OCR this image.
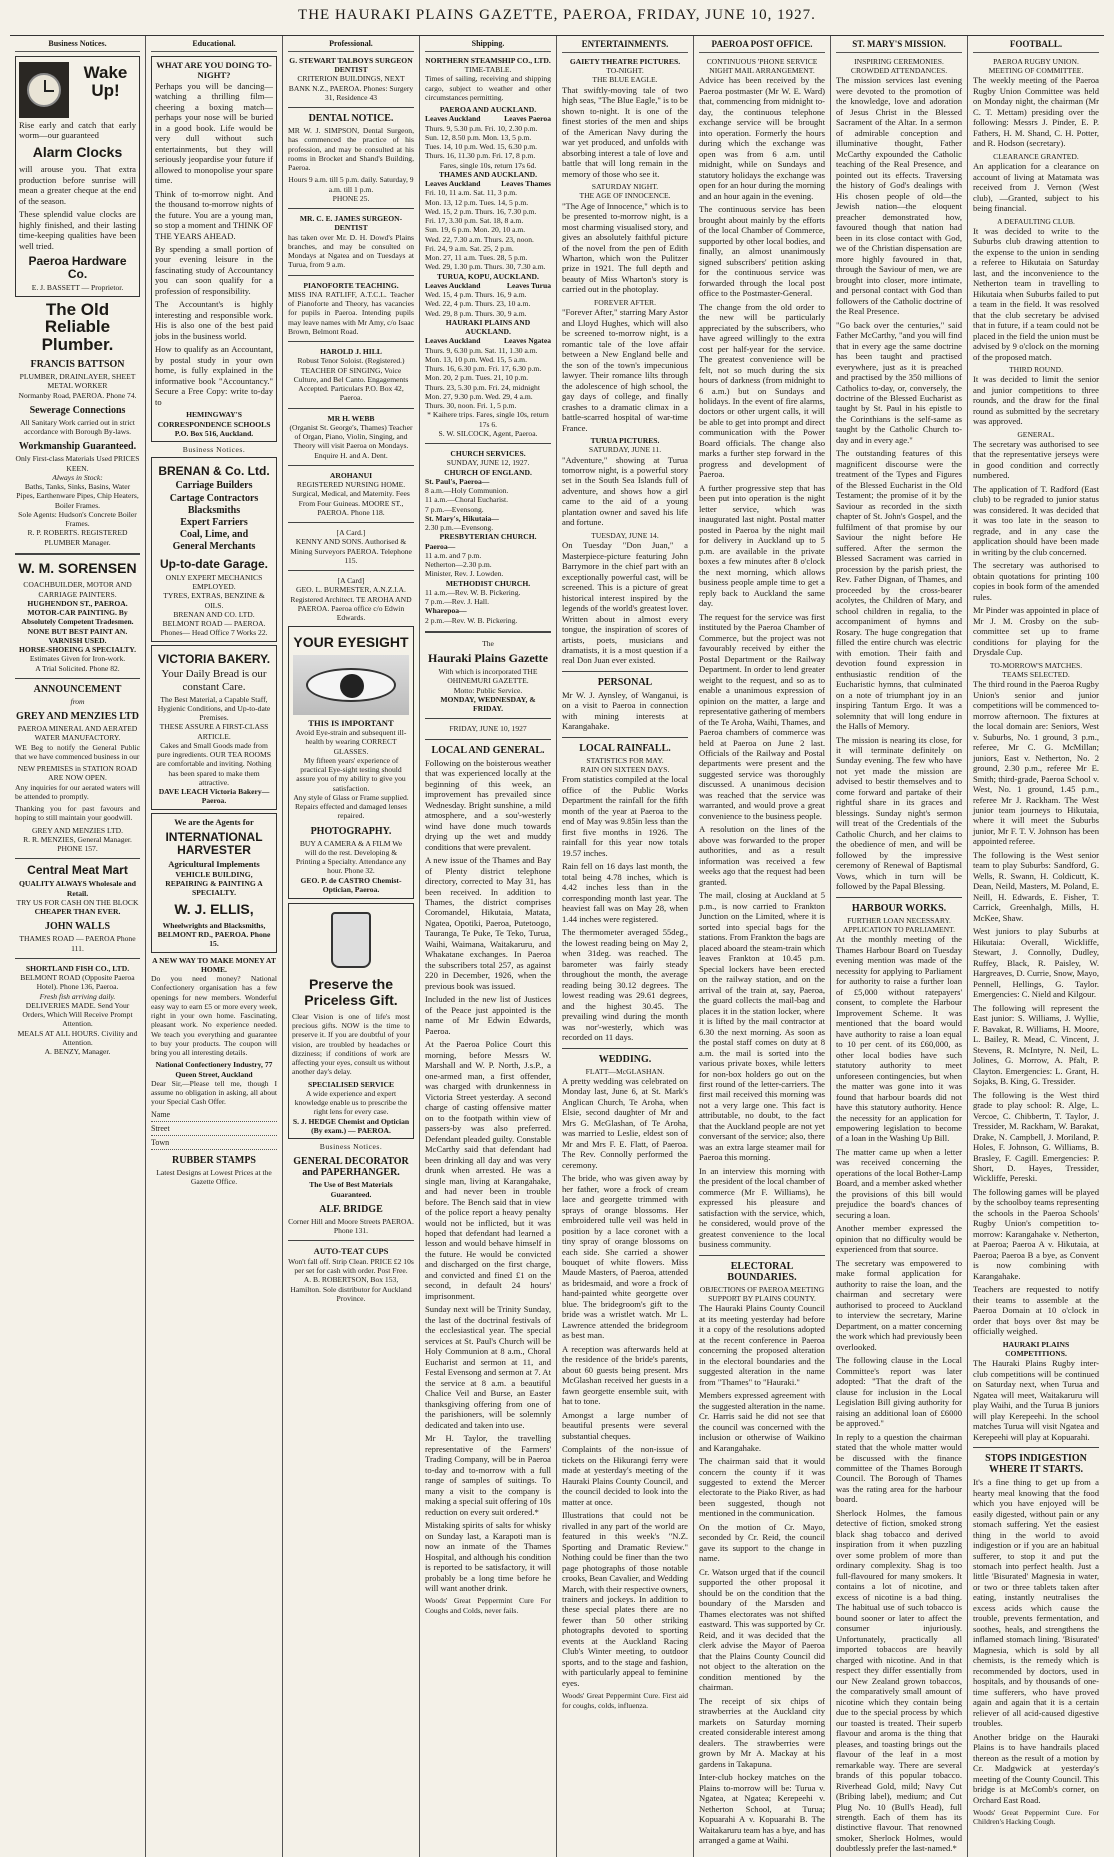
THE HAURAKI PLAINS GAZETTE, PAEROA, FRIDAY, JUNE 10, 1927.
Business Notices.
Wake Up!
Rise early and catch that early worm—our guaranteed
Alarm Clocks
will arouse you. That extra production before sunrise will mean a greater cheque at the end of the season.
These splendid value clocks are highly finished, and their lasting time-keeping qualities have been well tried.
Paeroa Hardware Co.
E. J. BASSETT — Proprietor.
The Old Reliable Plumber.
FRANCIS BATTSON
PLUMBER, DRAINLAYER, SHEET METAL WORKER
Normanby Road, PAEROA. Phone 74.
Sewerage Connections
All Sanitary Work carried out in strict accordance with Borough By-laws.
Workmanship Guaranteed.
Only First-class Materials Used PRICES KEEN.
Always in Stock:
Baths, Tanks, Sinks, Basins, Water Pipes, Earthenware Pipes, Chip Heaters, Boiler Frames.
Sole Agents: Hudson's Concrete Boiler Frames.
R. P. ROBERTS. REGISTERED PLUMBER Manager.
W. M. SORENSEN
COACHBUILDER, MOTOR AND CARRIAGE PAINTERS.
HUGHENDON ST., PAEROA.
MOTOR-CAR PAINTING. By Absolutely Competent Tradesmen.
NONE BUT BEST PAINT AN. VARNISH USED.
HORSE-SHOEING A SPECIALTY.
Estimates Given for Iron-work.
A Trial Solicited. Phone 82.
ANNOUNCEMENT
from
GREY AND MENZIES LTD
PAEROA MINERAL AND AERATED WATER MANUFACTORY.
WE Beg to notify the General Public that we have commenced business in our
NEW PREMISES in STATION ROAD ARE NOW OPEN.
Any inquiries for our aerated waters will be attended to promptly.
Thanking you for past favours and hoping to still maintain your goodwill.
GREY AND MENZIES LTD.
R. R. MENZIES, General Manager. PHONE 157.
Central Meat Mart
QUALITY ALWAYS Wholesale and Retail.
TRY US FOR CASH ON THE BLOCK
CHEAPER THAN EVER.
JOHN WALLS
THAMES ROAD — PAEROA Phone 111.
SHORTLAND FISH CO., LTD.
BELMONT ROAD (Opposite Paeroa Hotel). Phone 136, Paeroa.
Fresh fish arriving daily.
DELIVERIES MADE. Send Your Orders, Which Will Receive Prompt Attention.
MEALS AT ALL HOURS. Civility and Attention.
A. BENZY, Manager.
Educational.
WHAT ARE YOU DOING TO-NIGHT?
Perhaps you will be dancing—watching a thrilling film—cheering a boxing match—perhaps your nose will be buried in a good book. Life would be very dull without such entertainments, but they will seriously jeopardise your future if allowed to monopolise your spare time.
Think of to-morrow night. And the thousand to-morrow nights of the future. You are a young man, so stop a moment and THINK OF THE YEARS AHEAD.
By spending a small portion of your evening leisure in the fascinating study of Accountancy you can soon qualify for a profession of responsibility.
The Accountant's is highly interesting and responsible work. His is also one of the best paid jobs in the business world.
How to qualify as an Accountant, by postal study in your own home, is fully explained in the informative book "Accountancy." Secure a Free Copy: write to-day to
HEMINGWAY'S CORRESPONDENCE SCHOOLS P.O. Box 516, Auckland.
Business Notices.
BRENAN & Co. Ltd.
Carriage Builders
Cartage Contractors
Blacksmiths
Expert Farriers
Coal, Lime, and
General Merchants
Up-to-date Garage.
ONLY EXPERT MECHANICS EMPLOYED.
TYRES, EXTRAS, BENZINE & OILS.
BRENAN AND CO. LTD. BELMONT ROAD — PAEROA.
Phones— Head Office 7 Works 22.
VICTORIA BAKERY.
Your Daily Bread is our constant Care.
The Best Material, a Capable Staff, Hygienic Conditions, and Up-to-date Premises.
THESE ASSURE A FIRST-CLASS ARTICLE.
Cakes and Small Goods made from pure ingredients. OUR TEA ROOMS are comfortable and inviting. Nothing has been spared to make them attractive.
DAVE LEACH Victoria Bakery—Paeroa.
We are the Agents for
INTERNATIONAL HARVESTER
Agricultural Implements
VEHICLE BUILDING, REPAIRING & PAINTING A SPECIALTY.
W. J. ELLIS,
Wheelwrights and Blacksmiths, BELMONT RD., PAEROA. Phone 15.
A NEW WAY TO MAKE MONEY AT HOME.
Do you need money? National Confectionery organisation has a few openings for new members. Wonderful easy way to earn £5 or more every week, right in your own home. Fascinating, pleasant work. No experience needed. We teach you everything and guarantee to buy your products. The coupon will bring you all interesting details.
National Confectionery Industry, 77 Queen Street, Auckland
Dear Sir,—Please tell me, though I assume no obligation in asking, all about your Special Cash Offer.
Name
Street
Town
RUBBER STAMPS
Latest Designs at Lowest Prices at the Gazette Office.
Professional.
G. STEWART TALBOYS SURGEON DENTIST
CRITERION BUILDINGS, NEXT BANK N.Z., PAEROA. Phones: Surgery 31, Residence 43
DENTAL NOTICE.
MR W. J. SIMPSON, Dental Surgeon, has commenced the practice of his profession, and may be consulted at his rooms in Brocket and Shand's Building, Paeroa.
Hours 9 a.m. till 5 p.m. daily. Saturday, 9 a.m. till 1 p.m.
PHONE 25.
MR. C. E. JAMES SURGEON-DENTIST
has taken over Mr. D. H. Dowd's Plains branches, and may be consulted on Mondays at Ngatea and on Tuesdays at Turua, from 9 a.m.
PIANOFORTE TEACHING.
MISS INA RATLIFF, A.T.C.L. Teacher of Pianoforte and Theory, has vacancies for pupils in Paeroa. Intending pupils may leave names with Mr Amy, c/o Isaac Brown, Belmont Road.
HAROLD J. HILL
Robust Tenor Soloist. (Registered.) TEACHER OF SINGING, Voice Culture, and Bel Canto. Engagements Accepted. Particulars P.O. Box 42, Paeroa.
MR H. WEBB
(Organist St. George's, Thames) Teacher of Organ, Piano, Violin, Singing, and Theory will visit Paeroa on Mondays. Enquire H. and A. Dent.
AROHANUI
REGISTERED NURSING HOME. Surgical, Medical, and Maternity. Fees From Four Guineas. MOORE ST., PAEROA. Phone 118.
[A Card.]
KENNY AND SONS. Authorised & Mining Surveyors PAEROA. Telephone 115.
[A Card]
GEO. L. BURMESTER, A.N.Z.I.A. Registered Architect. TE AROHA AND PAEROA. Paeroa office c/o Edwin Edwards.
YOUR EYESIGHT
THIS IS IMPORTANT
Avoid Eye-strain and subsequent ill-health by wearing CORRECT GLASSES.
My fifteen years' experience of practical Eye-sight testing should assure you of my ability to give you satisfaction.
Any style of Glass or Frame supplied. Repairs effected and damaged lenses repaired.
PHOTOGRAPHY.
BUY A CAMERA & A FILM We will do the rest. Developing & Printing a Specialty. Attendance any hour. Phone 32.
GEO. P. de CASTRO Chemist-Optician, Paeroa.
Preserve the Priceless Gift.
Clear Vision is one of life's most precious gifts. NOW is the time to preserve it. If you are doubtful of your vision, are troubled by headaches or dizziness; if conditions of work are affecting your eyes, consult us without another day's delay.
SPECIALISED SERVICE
A wide experience and expert knowledge enable us to prescribe the right lens for every case.
S. J. HEDGE Chemist and Optician (By exam.) — PAEROA.
Business Notices.
GENERAL DECORATOR and PAPERHANGER.
The Use of Best Materials Guaranteed.
ALF. BRIDGE
Corner Hill and Moore Streets PAEROA. Phone 131.
AUTO-TEAT CUPS
Won't fall off. Strip Clean. PRICE £2 10s per set for cash with order. Post Free.
A. B. ROBERTSON, Box 153, Hamilton. Sole distributor for Auckland Province.
Shipping.
NORTHERN STEAMSHIP CO., LTD.
TIME-TABLE.
Times of sailing, receiving and shipping cargo, subject to weather and other circumstances permitting.
PAEROA AND AUCKLAND.
Leaves Auckland	Leaves Paeroa
Thurs. 9, 5.30 p.m. Fri. 10, 2.30 p.m.
Sun. 12, 8.50 p.m. Mon. 13, 5 p.m.
Tues. 14, 10 p.m. Wed. 15, 6.30 p.m.
Thurs. 16, 11.30 p.m. Fri. 17, 8 p.m.
Fares, single 10s, return 17s 6d.
THAMES AND AUCKLAND.
Leaves Auckland	Leaves Thames
Fri. 10, 11 a.m. Sat. 11, 3 p.m.
Mon. 13, 12 p.m. Tues. 14, 5 p.m.
Wed. 15, 2 p.m. Thurs. 16, 7.30 p.m.
Fri. 17, 3.30 p.m. Sat. 18, 8 a.m.
Sun. 19, 6 p.m. Mon. 20, 10 a.m.
Wed. 22, 7.30 a.m. Thurs. 23, noon.
Fri. 24, 9 a.m. Sat. 25, 2 p.m.
Mon. 27, 11 a.m. Tues. 28, 5 p.m.
Wed. 29, 1.30 p.m. Thurs. 30, 7.30 a.m.
TURUA, KOPU, AUCKLAND.
Leaves Auckland	Leaves Turua
Wed. 15, 4 p.m. Thurs. 16, 9 a.m.
Wed. 22, 4 p.m. Thurs. 23, 10 a.m.
Wed. 29, 8 p.m. Thurs. 30, 9 a.m.
HAURAKI PLAINS AND AUCKLAND.
Leaves Auckland	Leaves Ngatea
Thurs. 9, 6.30 p.m. Sat. 11, 1.30 a.m.
Mon. 13, 10 p.m. Wed. 15, 5 a.m.
Thurs. 16, 6.30 p.m. Fri. 17, 6.30 p.m.
Mon. 20, 2 p.m. Tues. 21, 10 p.m.
Thurs. 23, 5.30 p.m. Fri. 24, midnight
Mon. 27, 9.30 p.m. Wed. 29, 4 a.m.
Thurs. 30, noon. Fri. 1, 5 p.m.
* Kaihere trips. Fares, single 10s, return 17s 6.
S. W. SILCOCK, Agent, Paeroa.
CHURCH SERVICES.
SUNDAY, JUNE 12, 1927.
CHURCH OF ENGLAND.
St. Paul's, Paeroa—
8 a.m.—Holy Communion.
11 a.m.—Choral Eucharist.
7 p.m.—Evensong.
St. Mary's, Hikutaia—
2.30 p.m.—Evensong.
PRESBYTERIAN CHURCH.
Paeroa—
11 a.m. and 7 p.m.
Netherton—2.30 p.m.
Minister, Rev. J. Lowden.
METHODIST CHURCH.
11 a.m.—Rev. W. B. Pickering.
7 p.m.—Rev. J. Hall.
Wharepoa—
2 p.m.—Rev. W. B. Pickering.
The
Hauraki Plains Gazette
With which is incorporated THE OHINEMURI GAZETTE.
Motto: Public Service.
MONDAY, WEDNESDAY, & FRIDAY.
FRIDAY, JUNE 10, 1927
LOCAL AND GENERAL.
Following on the boisterous weather that was experienced locally at the beginning of this week, an improvement has prevailed since Wednesday. Bright sunshine, a mild atmosphere, and a sou'-westerly wind have done much towards drying up the wet and muddy conditions that were prevalent.
A new issue of the Thames and Bay of Plenty district telephone directory, corrected to May 31, has been received. In addition to Thames, the district comprises Coromandel, Hikutaia, Matata, Ngatea, Opotiki, Paeroa, Putetoogo, Tauranga, Te Puke, Te Teko, Turua, Waihi, Waimana, Waitakaruru, and Whakatane exchanges. In Paeroa the subscribers total 257, as against 220 in December, 1926, when the previous book was issued.
Included in the new list of Justices of the Peace just appointed is the name of Mr Edwin Edwards, Paeroa.
At the Paeroa Police Court this morning, before Messrs W. Marshall and W. P. North, J.s.P., a one-armed man, a first offender, was charged with drunkenness in Victoria Street yesterday. A second charge of casting offensive matter on to the footpath within view of passers-by was also preferred. Defendant pleaded guilty. Constable McCarthy said that defendant had been drinking all day and was very drunk when arrested. He was a single man, living at Karangahake, and had never been in trouble before. The Bench said that in view of the police report a heavy penalty would not be inflicted, but it was hoped that defendant had learned a lesson and would behave himself in the future. He would be convicted and discharged on the first charge, and convicted and fined £1 on the second, in default 24 hours' imprisonment.
Sunday next will be Trinity Sunday, the last of the doctrinal festivals of the ecclesiastical year. The special services at St. Paul's Church will be Holy Communion at 8 a.m., Choral Eucharist and sermon at 11, and Festal Evensong and sermon at 7. At the service at 8 a.m. a beautiful Chalice Veil and Burse, an Easter thanksgiving offering from one of the parishioners, will be solemnly dedicated and taken into use.
Mr H. Taylor, the travelling representative of the Farmers' Trading Company, will be in Paeroa to-day and to-morrow with a full range of samples of suitings. To many a visit to the company is making a special suit offering of 10s reduction on every suit ordered.*
Mistaking spirits of salts for whisky on Sunday last, a Karapoti man is now an inmate of the Thames Hospital, and although his condition is reported to be satisfactory, it will probably be a long time before he will want another drink.
Woods' Great Peppermint Cure For Coughs and Colds, never fails.
ENTERTAINMENTS.
GAIETY THEATRE PICTURES.
TO-NIGHT.
THE BLUE EAGLE.
That swiftly-moving tale of two high seas, "The Blue Eagle," is to be shown to-night. It is one of the finest stories of the men and ships of the American Navy during the war yet produced, and unfolds with absorbing interest a tale of love and battle that will long remain in the memory of those who see it.
SATURDAY NIGHT.
THE AGE OF INNOCENCE.
"The Age of Innocence," which is to be presented to-morrow night, is a most charming visualised story, and gives an absolutely faithful picture of the novel from the pen of Edith Wharton, which won the Pulitzer prize in 1921. The full depth and beauty of Miss Wharton's story is carried out in the photoplay.
FOREVER AFTER.
"Forever After," starring Mary Astor and Lloyd Hughes, which will also be screened to-morrow night, is a romantic tale of the love affair between a New England belle and the son of the town's impecunious lawyer. Their romance lilts through the adolescence of high school, the gay days of college, and finally crashes to a dramatic climax in a battle-scarred hospital of war-time France.
TURUA PICTURES.
SATURDAY, JUNE 11.
"Adventure," showing at Turua tomorrow night, is a powerful story set in the South Sea Islands full of adventure, and shows how a girl came to the aid of a young plantation owner and saved his life and fortune.
TUESDAY, JUNE 14.
On Tuesday "Don Juan," a Masterpiece-picture featuring John Barrymore in the chief part with an exceptionally powerful cast, will be screened. This is a picture of great historical interest inspired by the legends of the world's greatest lover. Written about in almost every tongue, the inspiration of scores of artists, poets, musicians and dramatists, it is a most question if a real Don Juan ever existed.
PERSONAL
Mr W. J. Aynsley, of Wanganui, is on a visit to Paeroa in connection with mining interests at Karangahake.
LOCAL RAINFALL.
STATISTICS FOR MAY.
RAIN ON SIXTEEN DAYS.
From statistics compiled at the local office of the Public Works Department the rainfall for the fifth month of the year at Paeroa to the end of May was 9.85in less than the first five months in 1926. The rainfall for this year now totals 19.57 inches.
Rain fell on 16 days last month, the total being 4.78 inches, which is 4.42 inches less than in the corresponding month last year. The heaviest fall was on May 28, when 1.44 inches were registered.
The thermometer averaged 55deg., the lowest reading being on May 2, when 31deg. was reached. The barometer was fairly steady throughout the month, the average reading being 30.12 degrees. The lowest reading was 29.61 degrees, and the highest 30.45. The prevailing wind during the month was nor'-westerly, which was recorded on 11 days.
WEDDING.
FLATT—McGLASHAN.
A pretty wedding was celebrated on Monday last, June 6, at St. Mark's Anglican Church, Te Aroha, when Elsie, second daughter of Mr and Mrs G. McGlashan, of Te Aroha, was married to Leslie, eldest son of Mr and Mrs F. E. Flatt, of Paeroa. The Rev. Connolly performed the ceremony.
The bride, who was given away by her father, wore a frock of cream lace and georgette trimmed with sprays of orange blossoms. Her embroidered tulle veil was held in position by a lace coronet with a tiny spray of orange blossoms on each side. She carried a shower bouquet of white flowers. Miss Maude Masters, of Paeroa, attended as bridesmaid, and wore a frock of hand-painted white georgette over blue. The bridegroom's gift to the bride was a wristlet watch. Mr L. Lawrence attended the bridegroom as best man.
A reception was afterwards held at the residence of the bride's parents, about 60 guests being present. Mrs McGlashan received her guests in a fawn georgette ensemble suit, with hat to tone.
Amongst a large number of beautiful presents were several substantial cheques.
Complaints of the non-issue of tickets on the Hikurangi ferry were made at yesterday's meeting of the Hauraki Plains County Council, and the council decided to look into the matter at once.
Illustrations that could not be rivalled in any part of the world are featured in this week's "N.Z. Sporting and Dramatic Review." Nothing could be finer than the two page photographs of those notable crooks, Bean Cavalier, and Wedding March, with their respective owners, trainers and jockeys. In addition to these special plates there are no fewer than 50 other striking photographs devoted to sporting events at the Auckland Racing Club's Winter meeting, to outdoor sports, and to the stage and fashion, with particularly appeal to feminine eyes.
Woods' Great Peppermint Cure. First aid for coughs, colds, influenza.
PAEROA POST OFFICE.
CONTINUOUS 'PHONE SERVICE
NIGHT MAIL ARRANGEMENT.
Advice has been received by the Paeroa postmaster (Mr W. E. Ward) that, commencing from midnight to-day, the continuous telephone exchange service will be brought into operation. Formerly the hours during which the exchange was open was from 6 a.m. until midnight, while on Sundays and statutory holidays the exchange was open for an hour during the morning and an hour again in the evening.
The continuous service has been brought about mainly by the efforts of the local Chamber of Commerce, supported by other local bodies, and finally, an almost unanimously signed subscribers' petition asking for the continuous service was forwarded through the local post office to the Postmaster-General.
The change from the old order to the new will be particularly appreciated by the subscribers, who have agreed willingly to the extra cost per half-year for the service. The greatest convenience will be felt, not so much during the six hours of darkness (from midnight to 6 a.m.) but on Sundays and holidays. In the event of fire alarms, doctors or other urgent calls, it will be able to get into prompt and direct communication with the Power Board officials. The change also marks a further step forward in the progress and development of Paeroa.
A further progressive step that has been put into operation is the night letter service, which was inaugurated last night. Postal matter posted in Paeroa by the night mail for delivery in Auckland up to 5 p.m. are available in the private boxes a few minutes after 8 o'clock the next morning, which allows business people ample time to get a reply back to Auckland the same day.
The request for the service was first instituted by the Paeroa Chamber of Commerce, but the project was not favourably received by either the Postal Department or the Railway Department. In order to lend greater weight to the request, and so as to enable a unanimous expression of opinion on the matter, a large and representative gathering of members of the Te Aroha, Waihi, Thames, and Paeroa chambers of commerce was held at Paeroa on June 2 last. Officials of the Railway and Postal departments were present and the suggested service was thoroughly discussed. A unanimous decision was reached that the service was warranted, and would prove a great convenience to the business people.
A resolution on the lines of the above was forwarded to the proper authorities, and as a result information was received a few weeks ago that the request had been granted.
The mail, closing at Auckland at 5 p.m., is now carried to Frankton Junction on the Limited, where it is sorted into special bags for the stations. From Frankton the bags are placed aboard the steam-train which leaves Frankton at 10.45 p.m. Special lockers have been erected on the railway station, and on the arrival of the train at, say, Paeroa, the guard collects the mail-bag and places it in the station locker, where it is lifted by the mail contractor at 6.30 the next morning. As soon as the postal staff comes on duty at 8 a.m. the mail is sorted into the various private boxes, while letters for non-box holders go out on the first round of the letter-carriers. The first mail received this morning was not a very large one. This fact is attributable, no doubt, to the fact that the Auckland people are not yet conversant of the service; also, there was an extra large steamer mail for Paeroa this morning.
In an interview this morning with the president of the local chamber of commerce (Mr F. Williams), he expressed his pleasure and satisfaction with the service, which, he considered, would prove of the greatest convenience to the local business community.
ELECTORAL BOUNDARIES.
OBJECTIONS OF PAEROA MEETING
SUPPORT BY PLAINS COUNTY.
The Hauraki Plains County Council at its meeting yesterday had before it a copy of the resolutions adopted at the recent conference in Paeroa concerning the proposed alteration in the electoral boundaries and the suggested alteration in the name from "Thames" to "Hauraki."
Members expressed agreement with the suggested alteration in the name. Cr. Harris said he did not see that the council was concerned with the inclusion or otherwise of Waikino and Karangahake.
The chairman said that it would concern the county if it was suggested to extend the Mercer electorate to the Piako River, as had been suggested, though not mentioned in the communication.
On the motion of Cr. Mayo, seconded by Cr. Reid, the council gave its support to the change in name.
Cr. Watson urged that if the council supported the other proposal it should be on the condition that the boundary of the Marsden and Thames electorates was not shifted eastward. This was supported by Cr. Reid, and it was decided that the clerk advise the Mayor of Paeroa that the Plains County Council did not object to the alteration on the condition mentioned by the chairman.
The receipt of six chips of strawberries at the Auckland city markets on Saturday morning created considerable interest among dealers. The strawberries were grown by Mr A. Mackay at his gardens in Takapuna.
Inter-club hockey matches on the Plains to-morrow will be: Turua v. Ngatea, at Ngatea; Kerepeehi v. Netherton School, at Turua; Kopuarahi A v. Kopuarahi B. The Waitakaruru team has a bye, and has arranged a game at Waihi.
ST. MARY'S MISSION.
INSPIRING CEREMONIES.
CROWDED ATTENDANCES.
The mission services last evening were devoted to the promotion of the knowledge, love and adoration of Jesus Christ in the Blessed Sacrament of the Altar. In a sermon of admirable conception and illuminative thought, Father McCarthy expounded the Catholic teaching of the Real Presence, and pointed out its effects. Traversing the history of God's dealings with His chosen people of old—the Jewish nation—the eloquent preacher demonstrated how, favoured though that nation had been in its close contact with God, we of the Christian dispensation are more highly favoured in that, through the Saviour of men, we are brought into closer, more intimate, and personal contact with God than followers of the Catholic doctrine of the Real Presence.
"Go back over the centuries," said Father McCarthy, "and you will find that in every age the same doctrine has been taught and practised everywhere, just as it is preached and practised by the 350 millions of Catholics to-day, or, conversely, the doctrine of the Blessed Eucharist as taught by St. Paul in his epistle to the Corinthians is the self-same as taught by the Catholic Church to-day and in every age."
The outstanding features of this magnificent discourse were the treatment of the Types and Figures of the Blessed Eucharist in the Old Testament; the promise of it by the Saviour as recorded in the sixth chapter of St. John's Gospel, and the fulfilment of that promise by our Saviour the night before He suffered. After the sermon the Blessed Sacrament was carried in procession by the parish priest, the Rev. Father Dignan, of Thames, and proceeded by the cross-bearer acolytes, the Children of Mary, and school children in regalia, to the accompaniment of hymns and Rosary. The huge congregation that filled the entire church was electric with emotion. Their faith and devotion found expression in enthusiastic rendition of the Eucharistic hymns, that culminated on a note of triumphant joy in an inspiring Tantum Ergo. It was a solemnity that will long endure in the Halls of Memory.
The mission is nearing its close, for it will terminate definitely on Sunday evening. The few who have not yet made the mission are advised to bestir themselves and to come forward and partake of their rightful share in its graces and blessings. Sunday night's sermon will treat of the Credentials of the Catholic Church, and her claims to the obedience of men, and will be followed by the impressive ceremony of Renewal of Baptismal Vows, which in turn will be followed by the Papal Blessing.
HARBOUR WORKS.
FURTHER LOAN NECESSARY.
APPLICATION TO PARLIAMENT.
At the monthly meeting of the Thames Harbour Board on Tuesday evening mention was made of the necessity for applying to Parliament for authority to raise a further loan of £5,000 without ratepayers' consent, to complete the Harbour Improvement Scheme. It was mentioned that the board would have authority to raise a loan equal to 10 per cent. of its £60,000, as other local bodies have such statutory authority to meet unforeseen contingencies, but when the matter was gone into it was found that harbour boards did not have this statutory authority. Hence the necessity for an application for empowering legislation to become of a loan in the Washing Up Bill.
The matter came up when a letter was received concerning the operations of the local Bother-Lamp Board, and a member asked whether the provisions of this bill would prejudice the board's chances of securing a loan.
Another member expressed the opinion that no difficulty would be experienced from that source.
The secretary was empowered to make formal application for authority to raise the loan, and the chairman and secretary were authorised to proceed to Auckland to interview the secretary, Marine Department, on a matter concerning the work which had previously been overlooked.
The following clause in the Local Committee's report was later adopted: "That the draft of the clause for inclusion in the Local Legislation Bill giving authority for raising an additional loan of £6000 be approved."
In reply to a question the chairman stated that the whole matter would be discussed with the finance committee of the Thames Borough Council. The Borough of Thames was the rating area for the harbour board.
Sherlock Holmes, the famous detective of fiction, smoked strong black shag tobacco and derived inspiration from it when puzzling over some problem of more than ordinary complexity. Shag is too full-flavoured for many smokers. It contains a lot of nicotine, and excess of nicotine is a bad thing. The habitual use of such tobacco is bound sooner or later to affect the consumer injuriously. Unfortunately, practically all imported tobaccos are heavily charged with nicotine. And in that respect they differ essentially from our New Zealand grown tobaccos, the comparatively small amount of nicotine which they contain being due to the special process by which our toasted is treated. Their superb flavour and aroma is the thing that pleases, and toasting brings out the flavour of the leaf in a most remarkable way. There are several brands of this popular tobacco. Riverhead Gold, mild; Navy Cut (Bribing label), medium; and Cut Plug No. 10 (Bull's Head), full strength. Each of them has its distinctive flavour. That renowned smoker, Sherlock Holmes, would doubtlessly prefer the last-named.*
FOOTBALL.
PAEROA RUGBY UNION.
MEETING OF COMMITTEE.
The weekly meeting of the Paeroa Rugby Union Committee was held on Monday night, the chairman (Mr C. T. Mettam) presiding over the following: Messrs J. Pinder, E. P. Fathers, H. M. Shand, C. H. Potter, and R. Hodson (secretary).
CLEARANCE GRANTED.
An application for a clearance on account of living at Matamata was received from J. Vernon (West club), —Granted, subject to his being financial.
A DEFAULTING CLUB.
It was decided to write to the Suburbs club drawing attention to the expense to the union in sending a referee to Hikutaia on Saturday last, and the inconvenience to the Netherton team in travelling to Hikutaia when Suburbs failed to put a team in the field. It was resolved that the club secretary be advised that in future, if a team could not be placed in the field the union must be advised by 9 o'clock on the morning of the proposed match.
THIRD ROUND.
It was decided to limit the senior and junior competitions to three rounds, and the draw for the final round as submitted by the secretary was approved.
GENERAL.
The secretary was authorised to see that the representative jerseys were in good condition and correctly numbered.
The application of T. Radford (East club) to be regraded to junior status was considered. It was decided that it was too late in the season to regrade, and in any case the application should have been made in writing by the club concerned.
The secretary was authorised to obtain quotations for printing 100 copies in book form of the amended rules.
Mr Pinder was appointed in place of Mr J. M. Crosby on the sub-committee set up to frame conditions for playing for the Drysdale Cup.
TO-MORROW'S MATCHES.
TEAMS SELECTED.
The third round in the Paeroa Rugby Union's senior and junior competitions will be commenced to-morrow afternoon. The fixtures at the local domain are: Seniors, West v. Suburbs, No. 1 ground, 3 p.m., referee, Mr C. G. McMillan; juniors, East v. Netherton, No. 2 ground, 2.30 p.m., referee Mr E. Smith; third-grade, Paeroa School v. West, No. 1 ground, 1.45 p.m., referee Mr J. Rackham. The West junior team journeys to Hikutaia, where it will meet the Suburbs junior, Mr F. T. V. Johnson has been appointed referee.
The following is the West senior team to play Suburbs: Sandford, G. Wells, R. Swann, H. Coldicutt, K. Dean, Neild, Masters, M. Poland, E. Neill, H. Edwards, E. Fisher, T. Carrick, Greenhalgh, Mills, H. McKee, Shaw.
West juniors to play Suburbs at Hikutaia: Overall, Wickliffe, Stewart, J. Connolly, Dudley, Ruffey, Black, R. Paisley, W. Hargreaves, D. Currie, Snow, Mayo, Pennell, Hellings, G. Taylor. Emergencies: C. Nield and Kilgour.
The following will represent the East junior: S. Williams, J. Wyllie, F. Bavakat, R. Williams, H. Moore, L. Bailey, R. Mead, C. Vincent, J. Stevens, R. McIntyre, N. Neil, L. Jolines, G. Morrow, A. Pfalt, P. Clayton. Emergencies: L. Grant, H. Sojaks, B. King, G. Tressider.
The following is the West third grade to play school: R. Alge, L. Vercoe, C. Chibbertn, T. Taylor, J. Tressider, M. Rackham, W. Barakat, Drake, N. Campbell, J. Moriland, P. Holes, F. Johnson, G. Williams, B. Brasley, F. Cagill. Emergencies: P. Short, D. Hayes, Tressider, Wickliffe, Pereski.
The following games will be played by the schoolboy teams representing the schools in the Paeroa Schools' Rugby Union's competition to-morrow: Karangahake v. Netherton, at Paeroa; Paeroa A v. Hikutaia, at Paeroa; Paeroa B a bye, as Convent is now combining with Karangahake.
Teachers are requested to notify their teams to assemble at the Paeroa Domain at 10 o'clock in order that boys over 8st may be officially weighed.
HAURAKI PLAINS COMPETITIONS.
The Hauraki Plains Rugby inter-club competitions will be continued on Saturday next, when Turua and Ngatea will meet, Waitakaruru will play Waihi, and the Turua B juniors will play Kerepeehi. In the school matches Turua will visit Ngatea and Kerepeehi will play at Kopuarahi.
STOPS INDIGESTION WHERE IT STARTS.
It's a fine thing to get up from a hearty meal knowing that the food which you have enjoyed will be easily digested, without pain or any stomach suffering. Yet the easiest thing in the world to avoid indigestion or if you are an habitual sufferer, to stop it and put the stomach into perfect health. Just a little 'Bisurated' Magnesia in water, or two or three tablets taken after eating, instantly neutralises the excess acids which cause the trouble, prevents fermentation, and soothes, heals, and strengthens the inflamed stomach lining. 'Bisurated' Magnesia, which is sold by all chemists, is the remedy which is recommended by doctors, used in hospitals, and by thousands of one-time sufferers, who have proved again and again that it is a certain reliever of all acid-caused digestive troubles.
Another bridge on the Hauraki Plains is to have handrails placed thereon as the result of a motion by Cr. Madgwick at yesterday's meeting of the County Council. This bridge is at McComb's corner, on Orchard East Road.
Woods' Great Peppermint Cure. For Children's Hacking Cough.
